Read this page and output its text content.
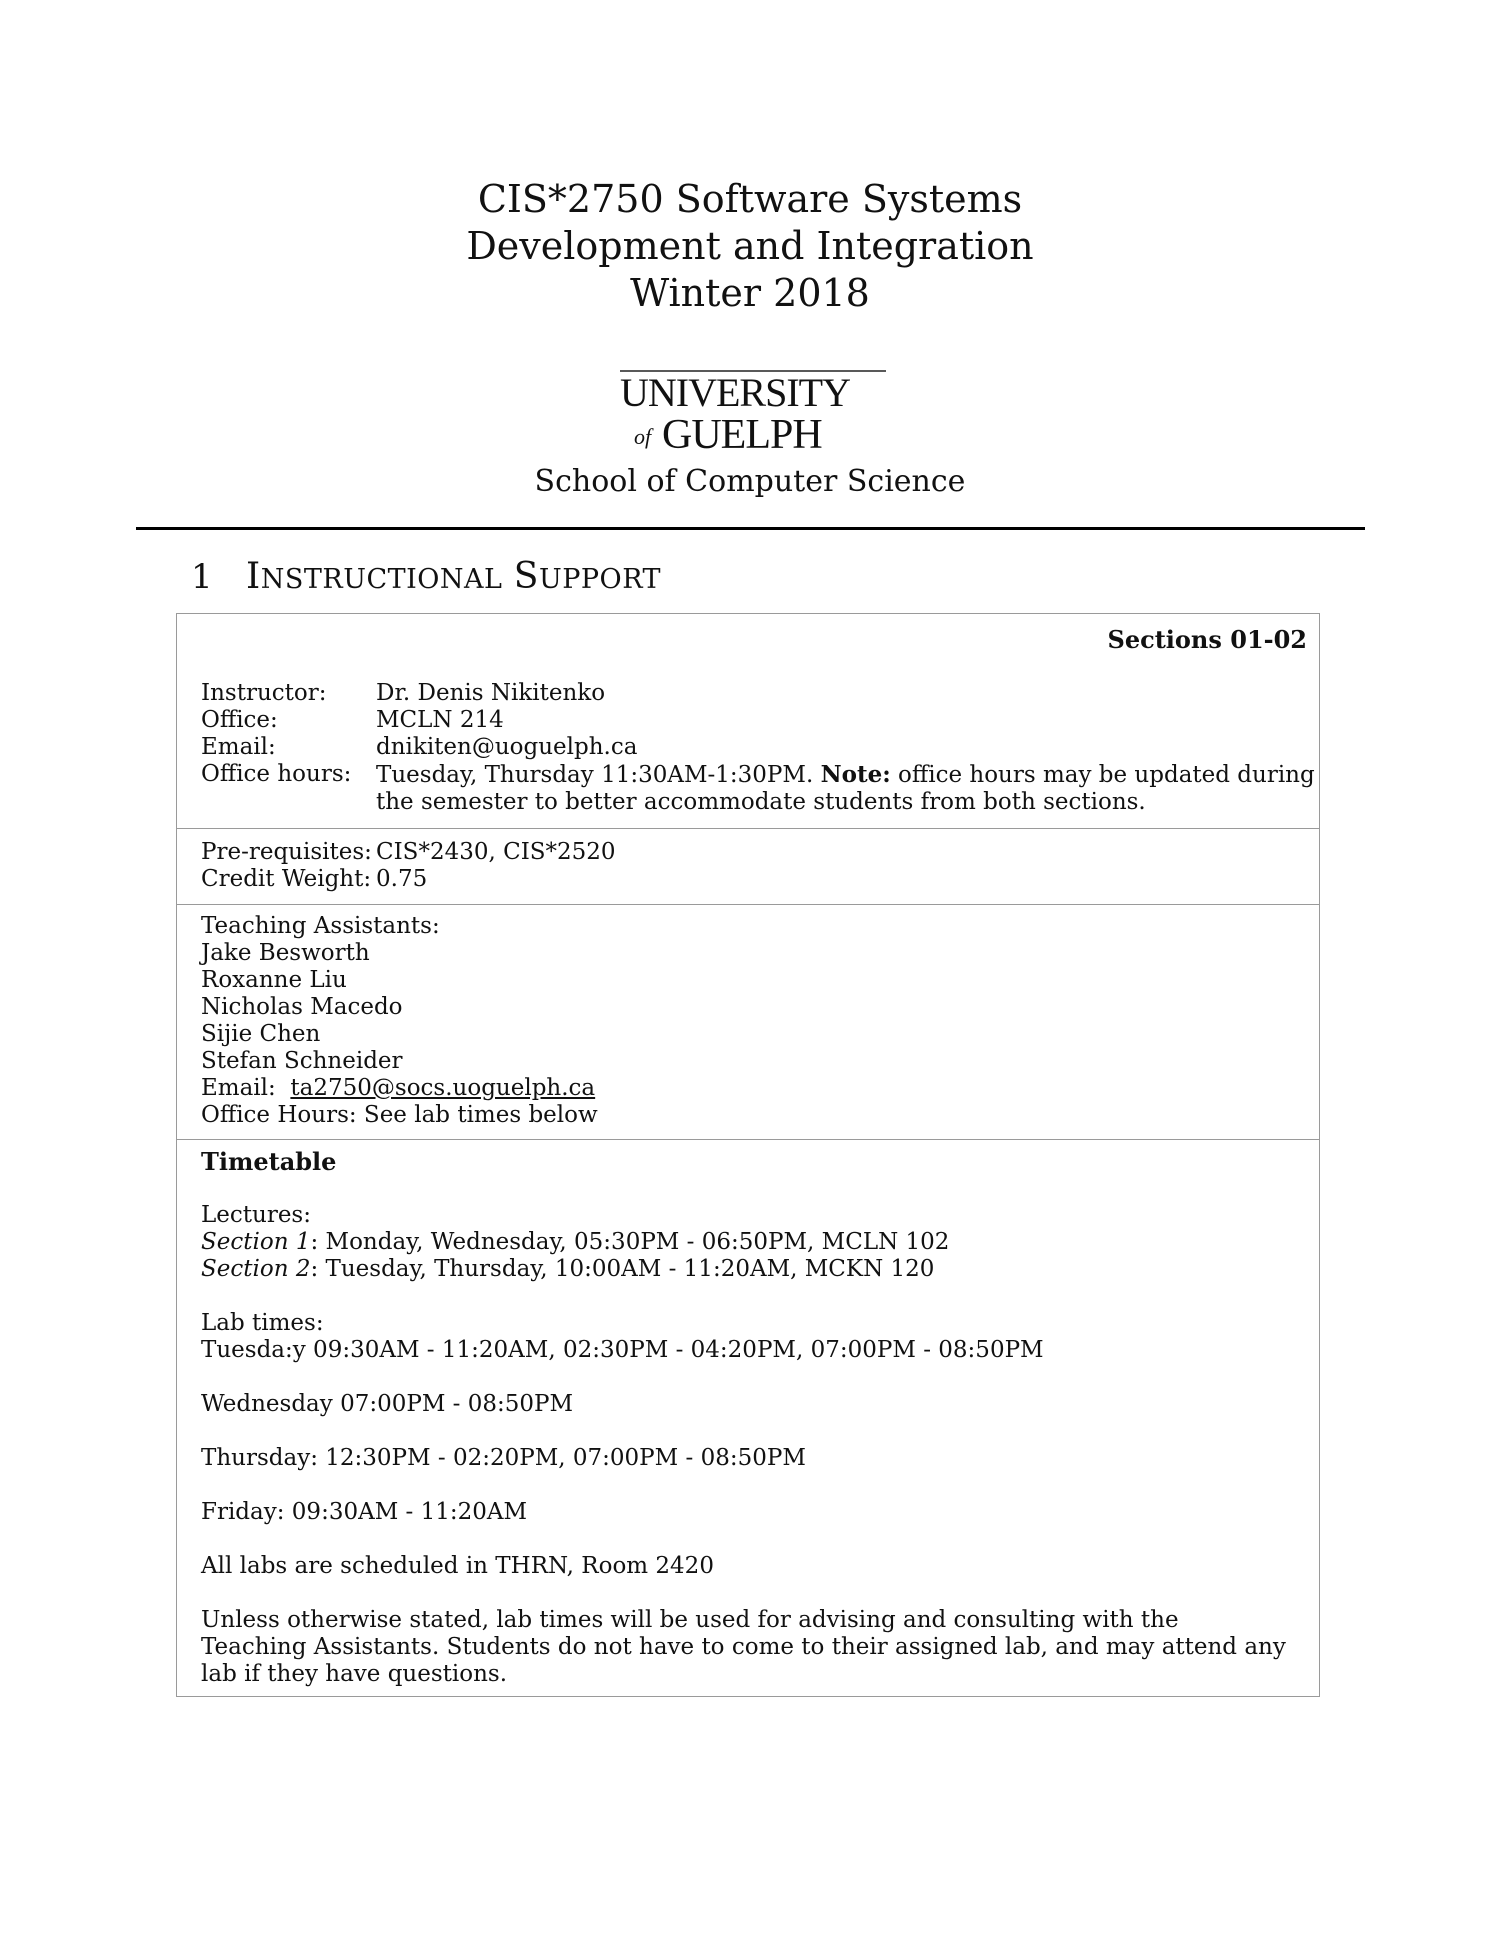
CIS*2750 Software Systems
Development and Integration
Winter 2018
UNIVERSITY
of GUELPH
School of Computer Science
1 INSTRUCTIONAL SUPPORT
Sections 01-02
Instructor:	Dr. Denis Nikitenko
Office:	MCLN 214
Email:	dnikiten@uoguelph.ca
Office hours:	Tuesday, Thursday 11:30AM-1:30PM. Note: office hours may be updated during the semester to better accommodate students from both sections.
Pre-requisites: CIS*2430, CIS*2520
Credit Weight: 0.75

Teaching Assistants:

Jake Besworth

Roxanne Liu

Nicholas Macedo

Sijie Chen

Stefan Schneider

Email:  ta2750@socs.uoguelph.ca

Office Hours: See lab times below

Timetable

Lectures:

Section 1: Monday, Wednesday, 05:30PM - 06:50PM, MCLN 102

Section 2: Tuesday, Thursday, 10:00AM - 11:20AM, MCKN 120

Lab times:

Tuesda:y 09:30AM - 11:20AM, 02:30PM - 04:20PM, 07:00PM - 08:50PM

Wednesday 07:00PM - 08:50PM

Thursday: 12:30PM - 02:20PM, 07:00PM - 08:50PM

Friday: 09:30AM - 11:20AM

All labs are scheduled in THRN, Room 2420

Unless otherwise stated, lab times will be used for advising and consulting with the Teaching Assistants. Students do not have to come to their assigned lab, and may attend any lab if they have questions.
